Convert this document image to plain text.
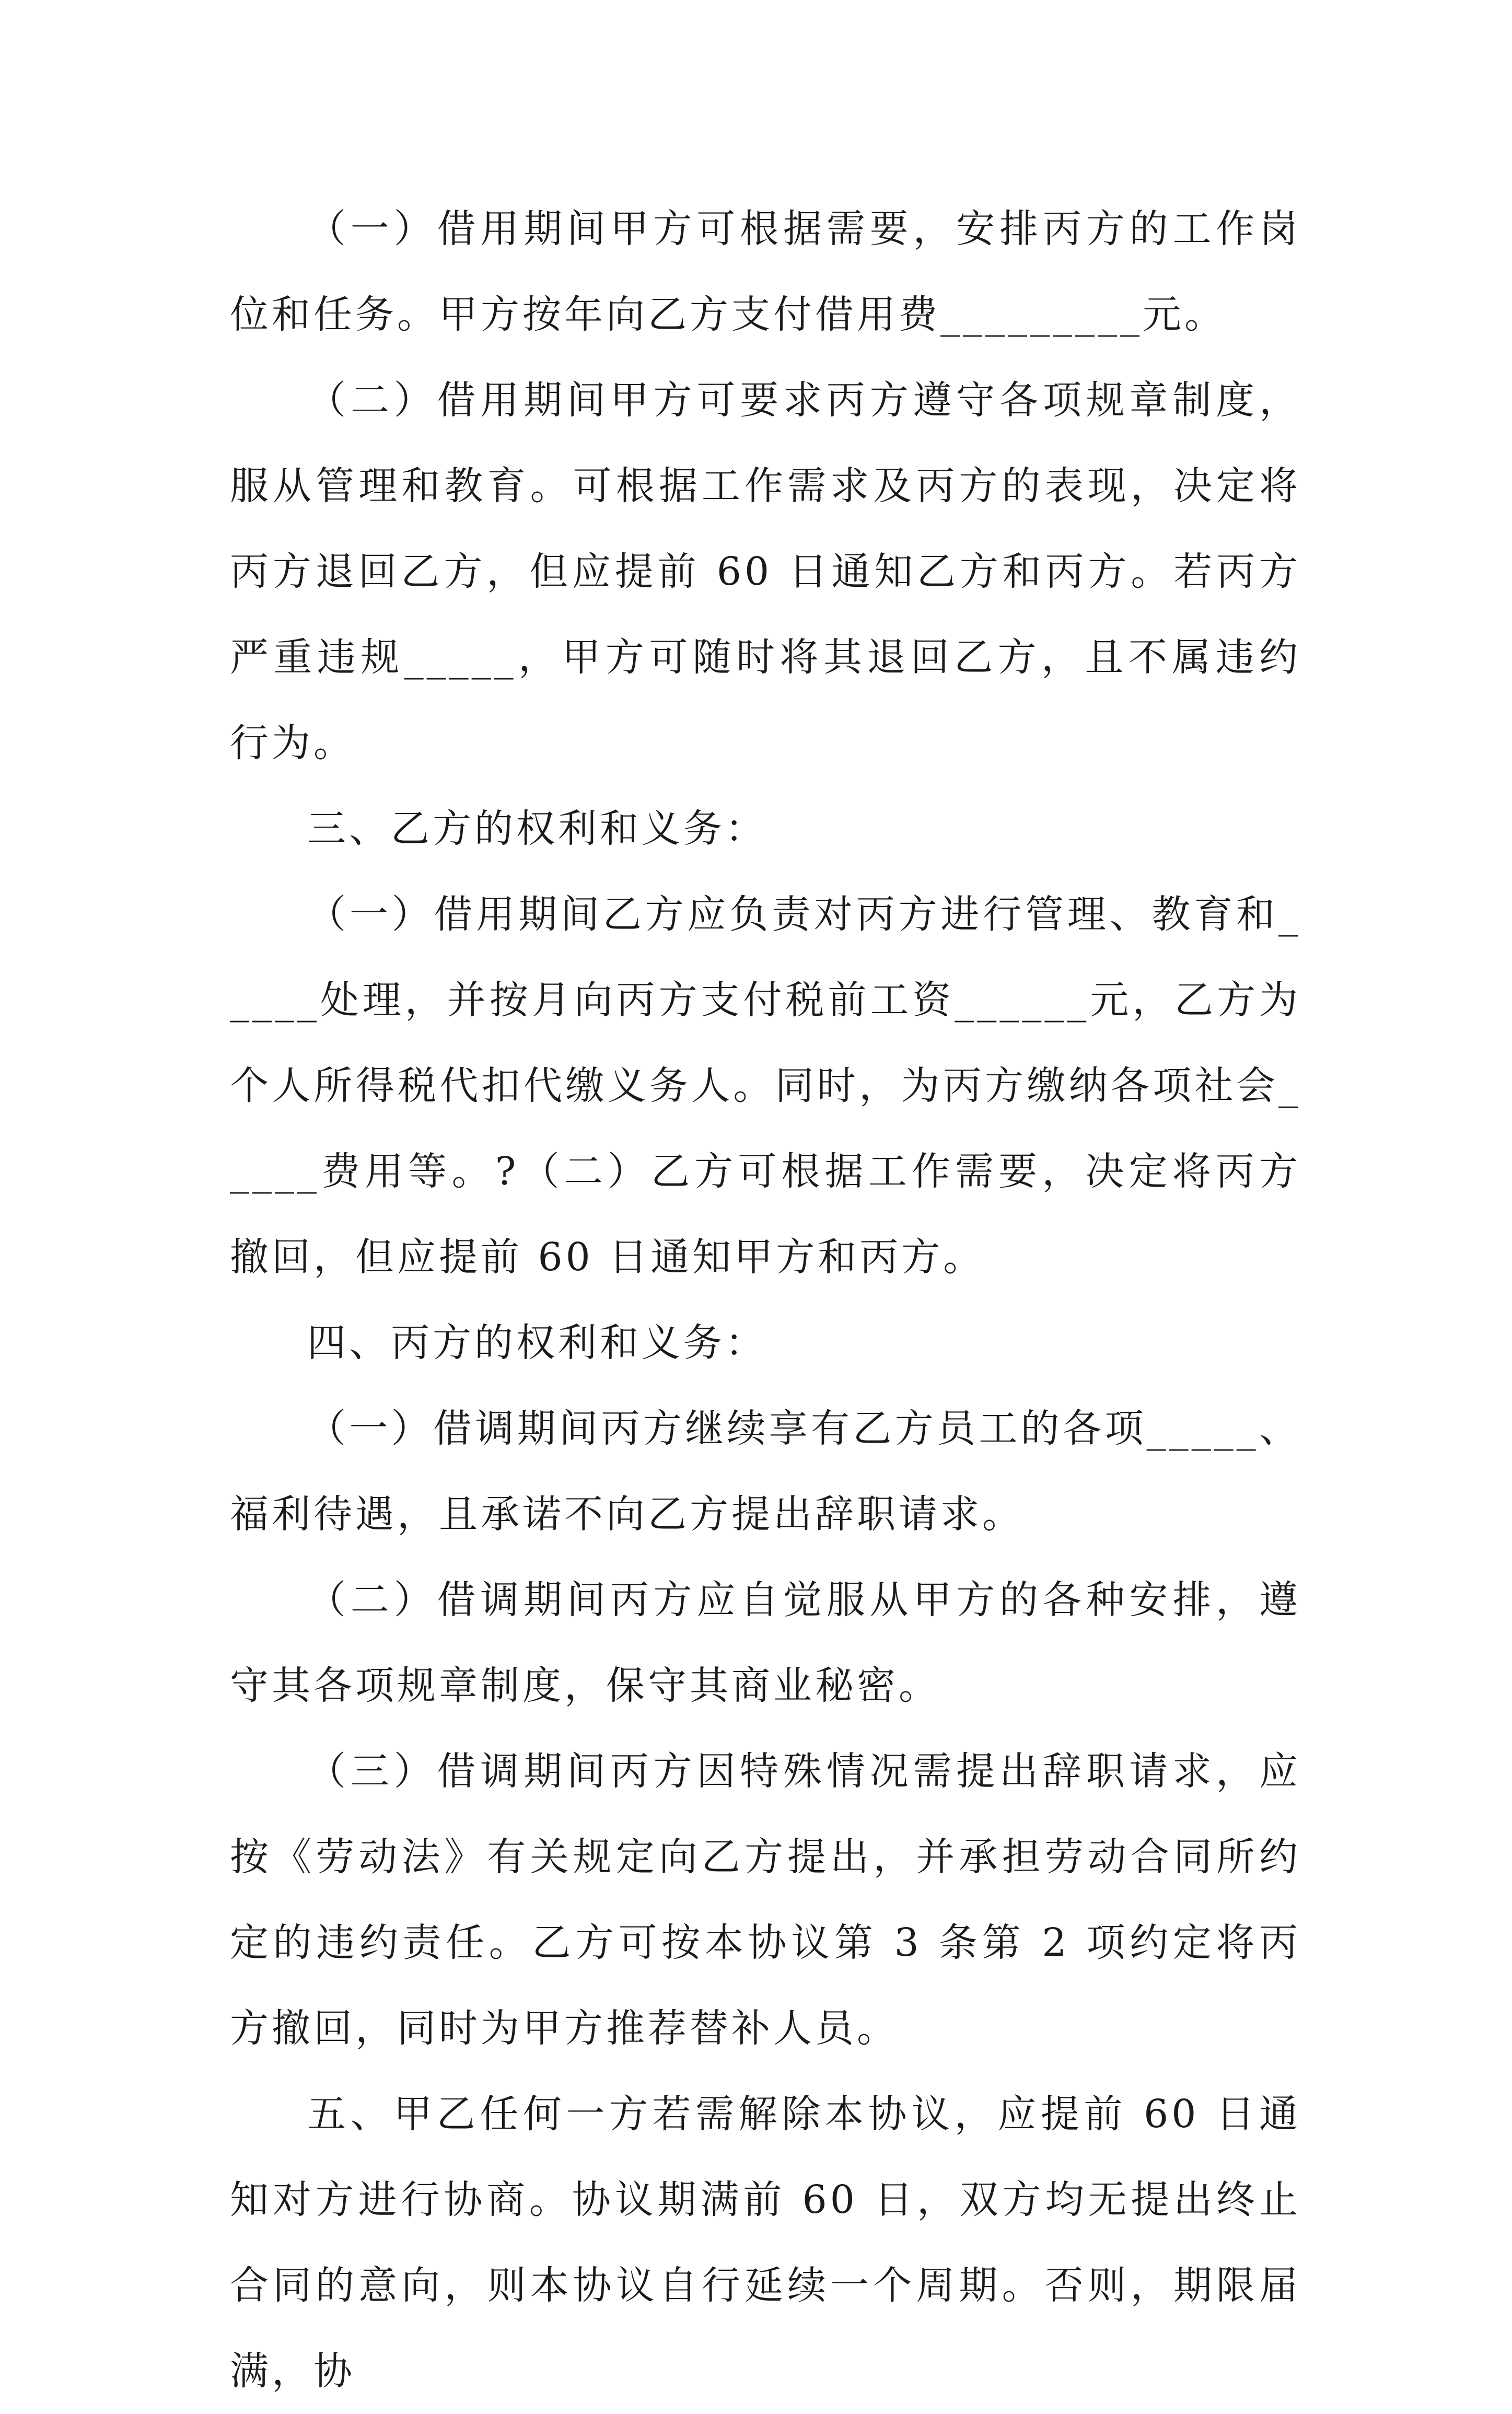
（一）借用期间甲方可根据需要，安排丙方的工作岗位和任务。甲方按年向乙方支付借用费_________元。

（二）借用期间甲方可要求丙方遵守各项规章制度，服从管理和教育。可根据工作需求及丙方的表现，决定将丙方退回乙方，但应提前 60 日通知乙方和丙方。若丙方严重违规_____，甲方可随时将其退回乙方，且不属违约行为。

三、乙方的权利和义务：

（一）借用期间乙方应负责对丙方进行管理、教育和_____处理，并按月向丙方支付税前工资______元，乙方为个人所得税代扣代缴义务人。同时，为丙方缴纳各项社会_____费用等。?（二）乙方可根据工作需要，决定将丙方撤回，但应提前 60 日通知甲方和丙方。

四、丙方的权利和义务：

（一）借调期间丙方继续享有乙方员工的各项_____、福利待遇，且承诺不向乙方提出辞职请求。

（二）借调期间丙方应自觉服从甲方的各种安排，遵守其各项规章制度，保守其商业秘密。

（三）借调期间丙方因特殊情况需提出辞职请求，应按《劳动法》有关规定向乙方提出，并承担劳动合同所约定的违约责任。乙方可按本协议第 3 条第 2 项约定将丙方撤回，同时为甲方推荐替补人员。

五、甲乙任何一方若需解除本协议，应提前 60 日通知对方进行协商。协议期满前 60 日，双方均无提出终止合同的意向，则本协议自行延续一个周期。否则，期限届满，协
